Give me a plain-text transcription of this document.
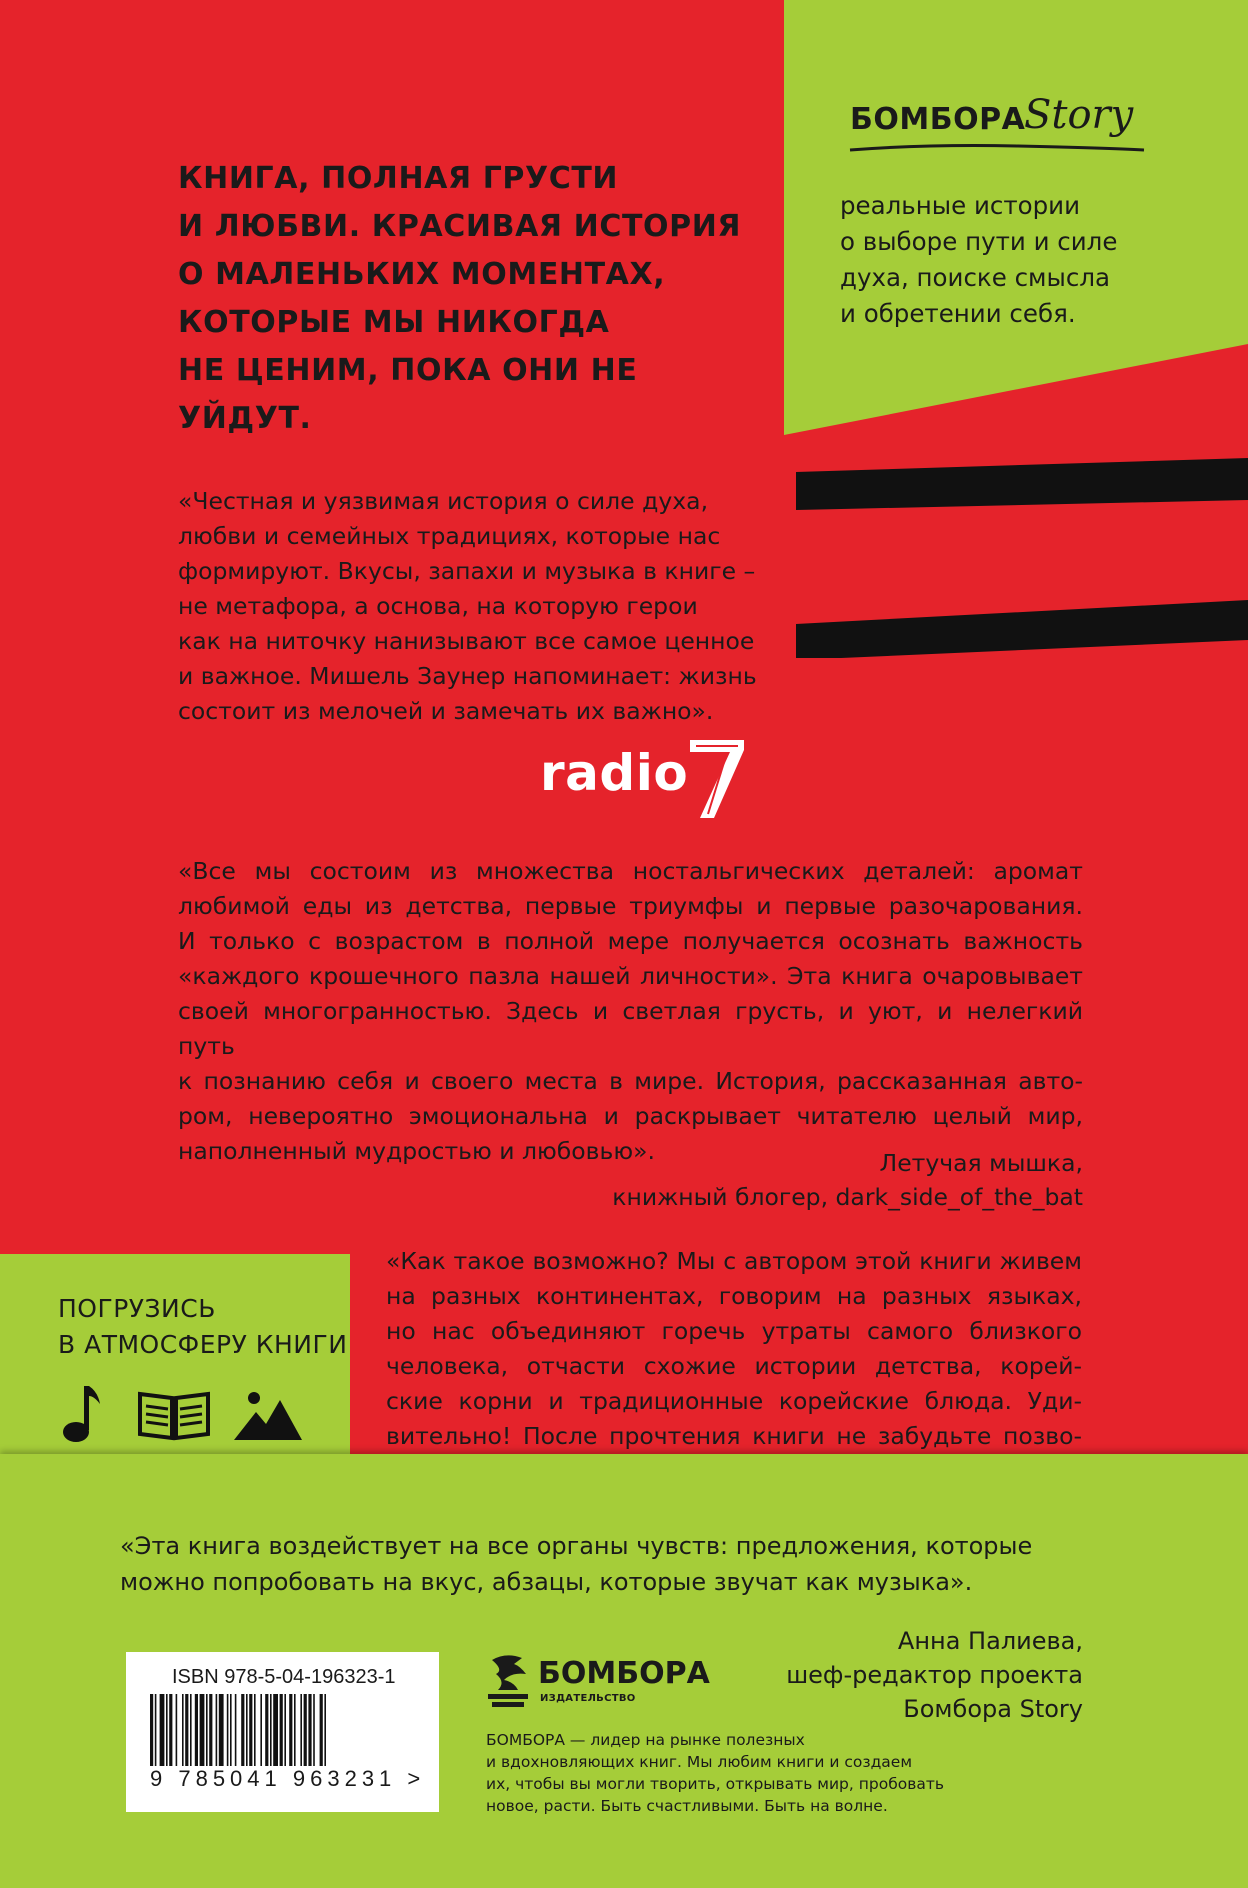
БОМБОРА
Story
реальные истории
о выборе пути и силе
духа, поиске смысла
и обретении себя.
КНИГА, ПОЛНАЯ ГРУСТИ
И ЛЮБВИ. КРАСИВАЯ ИСТОРИЯ
О МАЛЕНЬКИХ МОМЕНТАХ,
КОТОРЫЕ МЫ НИКОГДА
НЕ ЦЕНИМ, ПОКА ОНИ НЕ УЙДУТ.
«Честная и уязвимая история о силе духа,
любви и семейных традициях, которые нас
формируют. Вкусы, запахи и музыка в книге –
не метафора, а основа, на которую герои
как на ниточку нанизывают все самое ценное
и важное. Мишель Заунер напоминает: жизнь
состоит из мелочей и замечать их важно».
radio
7
«Все мы состоим из множества ностальгических деталей: аромат
любимой еды из детства, первые триумфы и первые разочарования.
И только с возрастом в полной мере получается осознать важность
«каждого крошечного пазла нашей личности». Эта книга очаровывает
своей многогранностью. Здесь и светлая грусть, и уют, и нелегкий путь
к познанию себя и своего места в мире. История, рассказанная авто-
ром, невероятно эмоциональна и раскрывает читателю целый мир,
наполненный мудростью и любовью».	Летучая мышка,
книжный блогер, dark_side_of_the_bat
ПОГРУЗИСЬ
В АТМОСФЕРУ КНИГИ
«Как такое возможно? Мы с автором этой книги живем
на разных континентах, говорим на разных языках,
но нас объединяют горечь утраты самого близкого
человека, отчасти схожие истории детства, корей-
ские корни и традиционные корейские блюда. Уди-
вительно! После прочтения книги не забудьте позво-
«Эта книга воздействует на все органы чувств: предложения, которые
можно попробовать на вкус, абзацы, которые звучат как музыка».
Анна Палиева,
шеф-редактор проекта
Бомбора Story
ISBN 978-5-04-196323-1
9 785041 963231 >
БОМБОРА
ИЗДАТЕЛЬСТВО
БОМБОРА — лидер на рынке полезных
и вдохновляющих книг. Мы любим книги и создаем
их, чтобы вы могли творить, открывать мир, пробовать
новое, расти. Быть счастливыми. Быть на волне.
